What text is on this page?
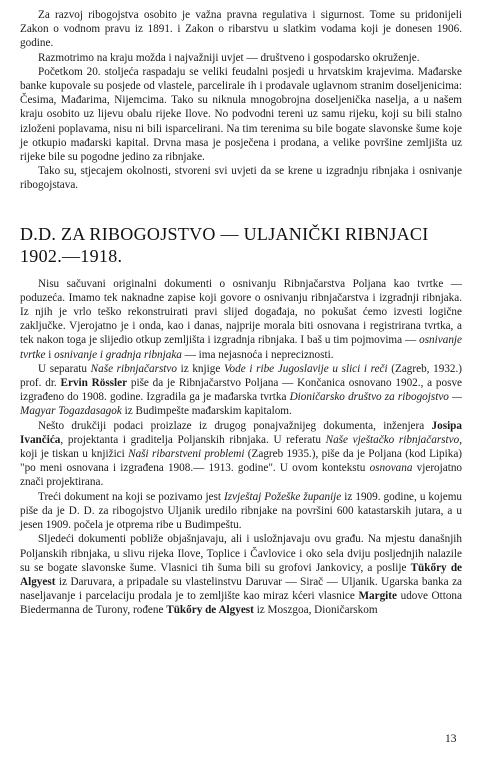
Za razvoj ribogojstva osobito je važna pravna regulativa i sigurnost. Tome su pridonijeli Zakon o vodnom pravu iz 1891. i Zakon o ribarstvu u slatkim vodama koji je donesen 1906. godine.

Razmotrimo na kraju možda i najvažniji uvjet — društveno i gospodarsko okruženje.

Početkom 20. stoljeća raspadaju se veliki feudalni posjedi u hrvatskim krajevima. Mađarske banke kupovale su posjede od vlastele, parcelirale ih i prodavale uglavnom stranim doseljenicima: Česima, Mađarima, Nijemcima. Tako su niknula mnogobrojna doseljenička naselja, a u našem kraju osobito uz lijevu obalu rijeke Ilove. No podvodni tereni uz samu rijeku, koji su bili stalno izloženi poplavama, nisu ni bili isparcelirani. Na tim terenima su bile bogate slavonske šume koje je otkupio mađarski kapital. Drvna masa je posječena i prodana, a velike površine zemljišta uz rijeke bile su pogodne jedino za ribnjake.

Tako su, stjecajem okolnosti, stvoreni svi uvjeti da se krene u izgradnju ribnjaka i osnivanje ribogojstava.

D.D. ZA RIBOGOJSTVO — ULJANIČKI RIBNJACI 1902.—1918.

Nisu sačuvani originalni dokumenti o osnivanju Ribnjačarstva Poljana kao tvrtke — poduzeća. Imamo tek naknadne zapise koji govore o osnivanju ribnjačarstva i izgradnji ribnjaka. Iz njih je vrlo teško rekonstruirati pravi slijed događaja, no pokušat ćemo izvesti logične zaključke. Vjerojatno je i onda, kao i danas, najprije morala biti osnovana i registrirana tvrtka, a tek nakon toga je slijedio otkup zemljišta i izgradnja ribnjaka. I baš u tim pojmovima — osnivanje tvrtke i osnivanje i gradnja ribnjaka — ima nejasnoća i nepreciznosti.

U separatu Naše ribnjačarstvo iz knjige Vode i ribe Jugoslavije u slici i reči (Zagreb, 1932.) prof. dr. Ervin Rössler piše da je Ribnjačarstvo Poljana — Končanica osnovano 1902., a posve izgrađeno do 1908. godine. Izgradila ga je mađarska tvrtka Dioničarsko društvo za ribogojstvo — Magyar Togazdasagok iz Budimpešte mađarskim kapitalom.

Nešto drukčiji podaci proizlaze iz drugog ponajvažnijeg dokumenta, inženjera Josipa Ivančića, projektanta i graditelja Poljanskih ribnjaka. U referatu Naše vještačko ribnjačarstvo, koji je tiskan u knjižici Naši ribarstveni problemi (Zagreb 1935.), piše da je Poljana (kod Lipika) "po meni osnovana i izgrađena 1908.— 1913. godine". U ovom kontekstu osnovana vjerojatno znači projektirana.

Treći dokument na koji se pozivamo jest Izvještaj Požeške županije iz 1909. godine, u kojemu piše da je D. D. za ribogojstvo Uljanik uredilo ribnjake na površini 600 katastarskih jutara, a u jesen 1909. počela je otprema ribe u Budimpeštu.

Sljedeći dokumenti pobliže objašnjavaju, ali i usložnjavaju ovu građu. Na mjestu današnjih Poljanskih ribnjaka, u slivu rijeka Ilove, Toplice i Čavlovice i oko sela dviju posljednjih nalazile su se bogate slavonske šume. Vlasnici tih šuma bili su grofovi Jankovicy, a poslije Tükőry de Algyest iz Daruvara, a pripadale su vlastelinstvu Daruvar — Sirač — Uljanik. Ugarska banka za naseljavanje i parcelaciju prodala je to zemljište kao miraz kćeri vlasnice Margite udove Ottona Biedermanna de Turony, rođene Tükőry de Algyest iz Moszgoa, Dioničarskom

13
